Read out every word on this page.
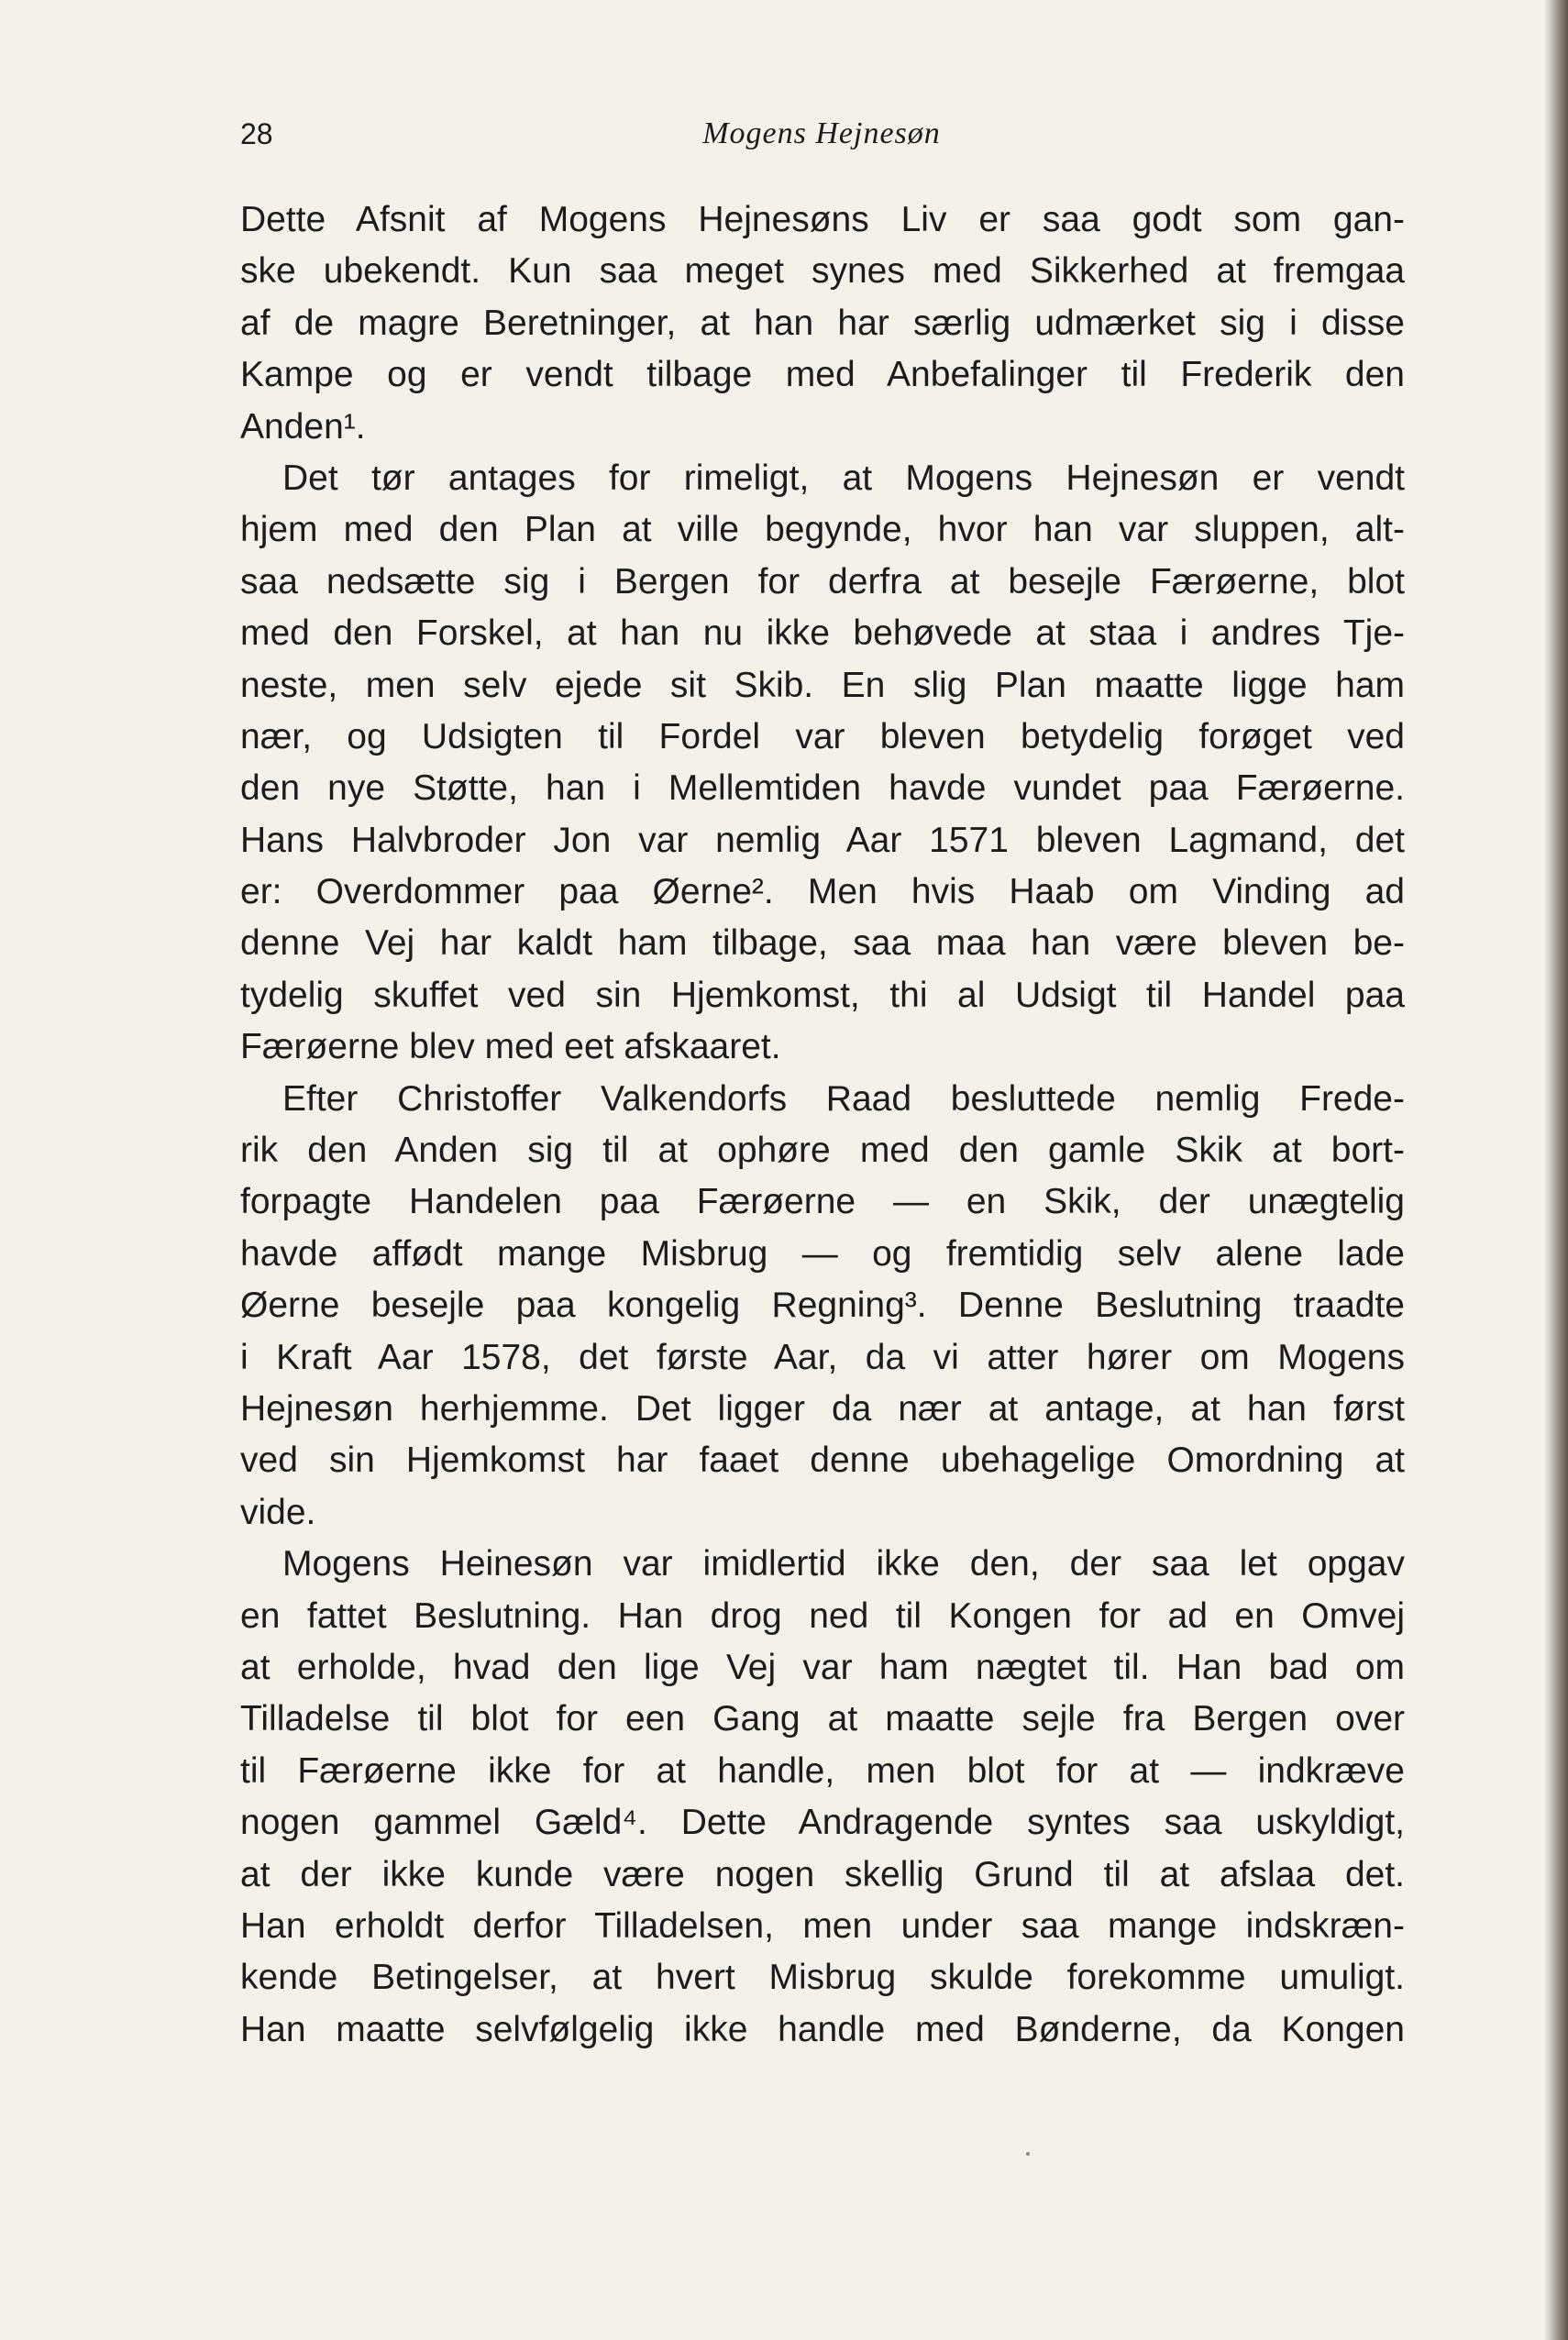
28	Mogens Hejnesøn
Dette Afsnit af Mogens Hejnesøns Liv er saa godt som gan-
ske ubekendt. Kun saa meget synes med Sikkerhed at fremgaa
af de magre Beretninger, at han har særlig udmærket sig i disse
Kampe og er vendt tilbage med Anbefalinger til Frederik den
Anden¹.
Det tør antages for rimeligt, at Mogens Hejnesøn er vendt
hjem med den Plan at ville begynde, hvor han var sluppen, alt-
saa nedsætte sig i Bergen for derfra at besejle Færøerne, blot
med den Forskel, at han nu ikke behøvede at staa i andres Tje-
neste, men selv ejede sit Skib. En slig Plan maatte ligge ham
nær, og Udsigten til Fordel var bleven betydelig forøget ved
den nye Støtte, han i Mellemtiden havde vundet paa Færøerne.
Hans Halvbroder Jon var nemlig Aar 1571 bleven Lagmand, det
er: Overdommer paa Øerne². Men hvis Haab om Vinding ad
denne Vej har kaldt ham tilbage, saa maa han være bleven be-
tydelig skuffet ved sin Hjemkomst, thi al Udsigt til Handel paa
Færøerne blev med eet afskaaret.
Efter Christoffer Valkendorfs Raad besluttede nemlig Frede-
rik den Anden sig til at ophøre med den gamle Skik at bort-
forpagte Handelen paa Færøerne — en Skik, der unægtelig
havde affødt mange Misbrug — og fremtidig selv alene lade
Øerne besejle paa kongelig Regning³. Denne Beslutning traadte
i Kraft Aar 1578, det første Aar, da vi atter hører om Mogens
Hejnesøn herhjemme. Det ligger da nær at antage, at han først
ved sin Hjemkomst har faaet denne ubehagelige Omordning at
vide.
Mogens Heinesøn var imidlertid ikke den, der saa let opgav
en fattet Beslutning. Han drog ned til Kongen for ad en Omvej
at erholde, hvad den lige Vej var ham nægtet til. Han bad om
Tilladelse til blot for een Gang at maatte sejle fra Bergen over
til Færøerne ikke for at handle, men blot for at — indkræve
nogen gammel Gæld⁴. Dette Andragende syntes saa uskyldigt,
at der ikke kunde være nogen skellig Grund til at afslaa det.
Han erholdt derfor Tilladelsen, men under saa mange indskræn-
kende Betingelser, at hvert Misbrug skulde forekomme umuligt.
Han maatte selvfølgelig ikke handle med Bønderne, da Kongen
